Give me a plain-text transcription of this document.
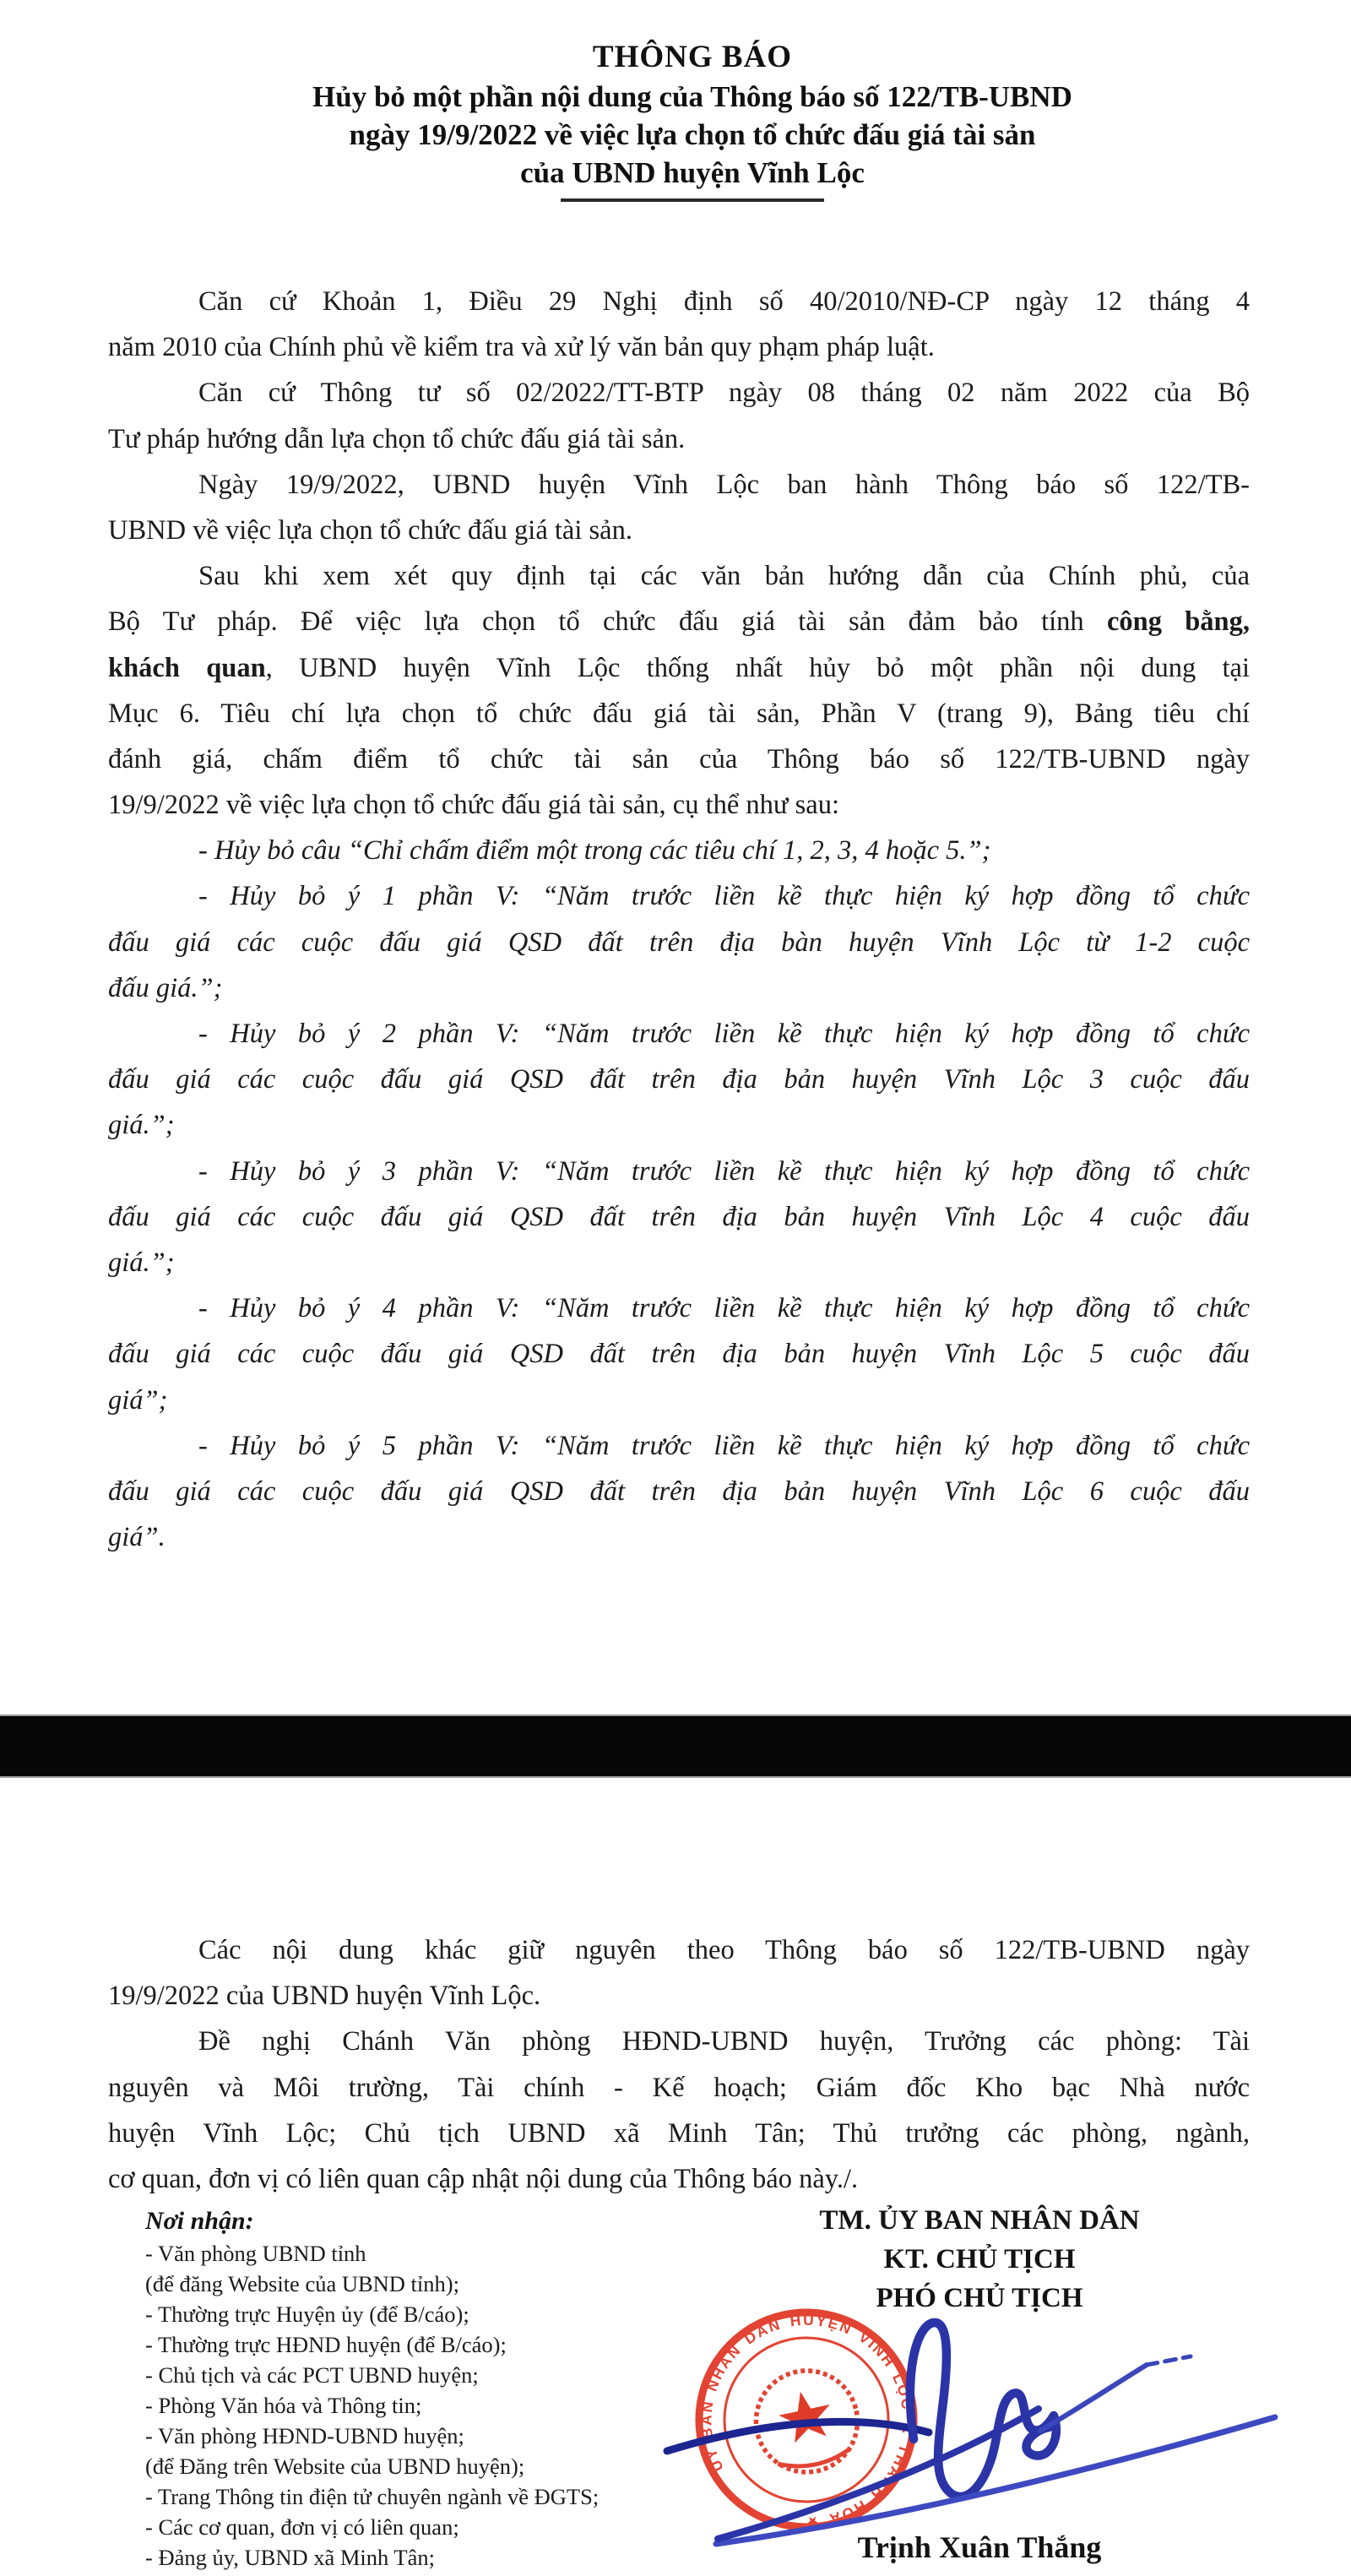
THÔNG BÁO
Hủy bỏ một phần nội dung của Thông báo số 122/TB-UBND
ngày 19/9/2022 về việc lựa chọn tổ chức đấu giá tài sản
của UBND huyện Vĩnh Lộc
Căn cứ Khoản 1, Điều 29 Nghị định số 40/2010/NĐ-CP ngày 12 tháng 4
năm 2010 của Chính phủ về kiểm tra và xử lý văn bản quy phạm pháp luật.
Căn cứ Thông tư số 02/2022/TT-BTP ngày 08 tháng 02 năm 2022 của Bộ
Tư pháp hướng dẫn lựa chọn tổ chức đấu giá tài sản.
Ngày 19/9/2022, UBND huyện Vĩnh Lộc ban hành Thông báo số 122/TB-
UBND về việc lựa chọn tổ chức đấu giá tài sản.
Sau khi xem xét quy định tại các văn bản hướng dẫn của Chính phủ, của
Bộ Tư pháp. Để việc lựa chọn tổ chức đấu giá tài sản đảm bảo tính công bằng,
khách quan, UBND huyện Vĩnh Lộc thống nhất hủy bỏ một phần nội dung tại
Mục 6. Tiêu chí lựa chọn tổ chức đấu giá tài sản, Phần V (trang 9), Bảng tiêu chí
đánh giá, chấm điểm tổ chức tài sản của Thông báo số 122/TB-UBND ngày
19/9/2022 về việc lựa chọn tổ chức đấu giá tài sản, cụ thể như sau:
- Hủy bỏ câu “Chỉ chấm điểm một trong các tiêu chí 1, 2, 3, 4 hoặc 5.”;
- Hủy bỏ ý 1 phần V: “Năm trước liền kề thực hiện ký hợp đồng tổ chức
đấu giá các cuộc đấu giá QSD đất trên địa bàn huyện Vĩnh Lộc từ 1-2 cuộc
đấu giá.”;
- Hủy bỏ ý 2 phần V: “Năm trước liền kề thực hiện ký hợp đồng tổ chức
đấu giá các cuộc đấu giá QSD đất trên địa bản huyện Vĩnh Lộc 3 cuộc đấu
giá.”;
- Hủy bỏ ý 3 phần V: “Năm trước liền kề thực hiện ký hợp đồng tổ chức
đấu giá các cuộc đấu giá QSD đất trên địa bản huyện Vĩnh Lộc 4 cuộc đấu
giá.”;
- Hủy bỏ ý 4 phần V: “Năm trước liền kề thực hiện ký hợp đồng tổ chức
đấu giá các cuộc đấu giá QSD đất trên địa bản huyện Vĩnh Lộc 5 cuộc đấu
giá”;
- Hủy bỏ ý 5 phần V: “Năm trước liền kề thực hiện ký hợp đồng tổ chức
đấu giá các cuộc đấu giá QSD đất trên địa bản huyện Vĩnh Lộc 6 cuộc đấu
giá”.
Các nội dung khác giữ nguyên theo Thông báo số 122/TB-UBND ngày
19/9/2022 của UBND huyện Vĩnh Lộc.
Đề nghị Chánh Văn phòng HĐND-UBND huyện, Trưởng các phòng: Tài
nguyên và Môi trường, Tài chính - Kế hoạch; Giám đốc Kho bạc Nhà nước
huyện Vĩnh Lộc; Chủ tịch UBND xã Minh Tân; Thủ trưởng các phòng, ngành,
cơ quan, đơn vị có liên quan cập nhật nội dung của Thông báo này./.
Nơi nhận:
- Văn phòng UBND tỉnh
(để đăng Website của UBND tỉnh);
- Thường trực Huyện ủy (để B/cáo);
- Thường trực HĐND huyện (để B/cáo);
- Chủ tịch và các PCT UBND huyện;
- Phòng Văn hóa và Thông tin;
- Văn phòng HĐND-UBND huyện;
(để Đăng trên Website của UBND huyện);
- Trang Thông tin điện tử chuyên ngành về ĐGTS;
- Các cơ quan, đơn vị có liên quan;
- Đảng ủy, UBND xã Minh Tân;
TM. ỦY BAN NHÂN DÂN
KT. CHỦ TỊCH
PHÓ CHỦ TỊCH
ỦY BAN NHÂN DÂN HUYỆN VĨNH LỘC T. THANH HÓA ★
Trịnh Xuân Thắng
